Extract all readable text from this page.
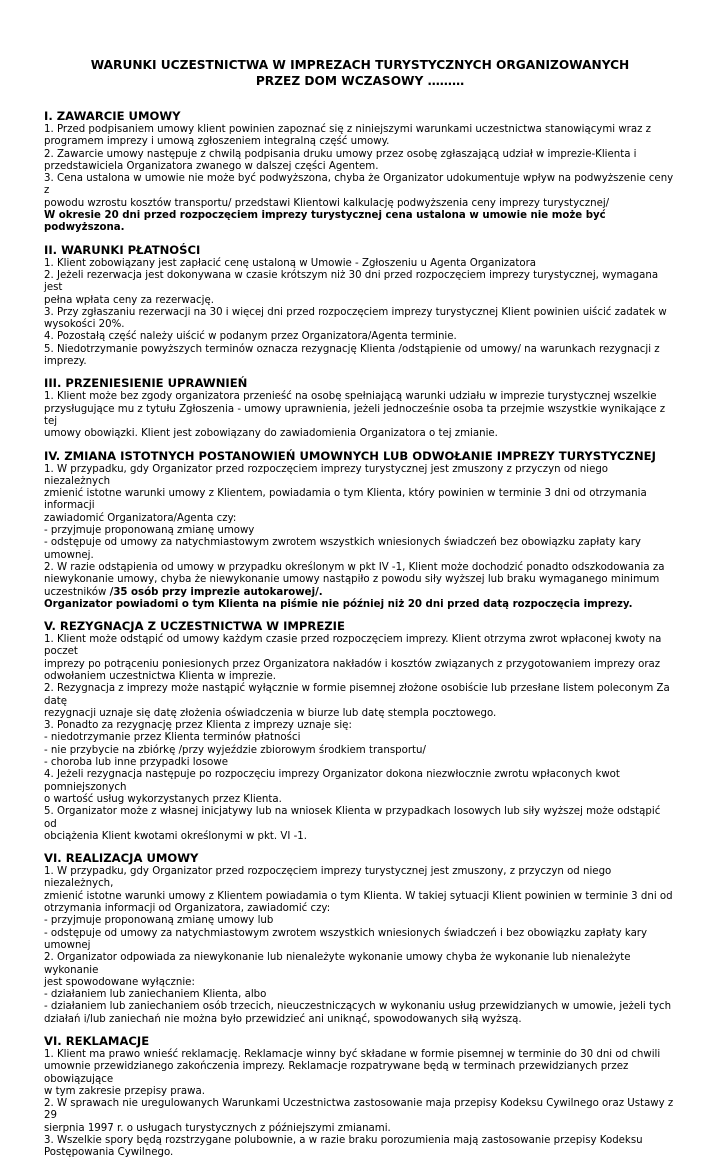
WARUNKI UCZESTNICTWA W IMPREZACH TURYSTYCZNYCH ORGANIZOWANYCH
PRZEZ DOM WCZASOWY ………
I. ZAWARCIE UMOWY

1. Przed podpisaniem umowy klient powinien zapoznać się z niniejszymi warunkami uczestnictwa stanowiącymi wraz z
programem imprezy i umową zgłoszeniem integralną część umowy.

2. Zawarcie umowy następuje z chwilą podpisania druku umowy przez osobę zgłaszającą udział w imprezie-Klienta i
przedstawiciela Organizatora zwanego w dalszej części Agentem.

3. Cena ustalona w umowie nie może być podwyższona, chyba że Organizator udokumentuje wpływ na podwyższenie ceny z
powodu wzrostu kosztów transportu/ przedstawi Klientowi kalkulację podwyższenia ceny imprezy turystycznej/

W okresie 20 dni przed rozpoczęciem imprezy turystycznej cena ustalona w umowie nie może być podwyższona.

II. WARUNKI PŁATNOŚCI

1. Klient zobowiązany jest zapłacić cenę ustaloną w Umowie - Zgłoszeniu u Agenta Organizatora

2. Jeżeli rezerwacja jest dokonywana w czasie krótszym niż 30 dni przed rozpoczęciem imprezy turystycznej, wymagana jest
pełna wpłata ceny za rezerwację.

3. Przy zgłaszaniu rezerwacji na 30 i więcej dni przed rozpoczęciem imprezy turystycznej Klient powinien uiścić zadatek w
wysokości 20%.

4. Pozostałą część należy uiścić w podanym przez Organizatora/Agenta terminie.

5. Niedotrzymanie powyższych terminów oznacza rezygnację Klienta /odstąpienie od umowy/ na warunkach rezygnacji z
imprezy.

III. PRZENIESIENIE UPRAWNIEŃ

1. Klient może bez zgody organizatora przenieść na osobę spełniającą warunki udziału w imprezie turystycznej wszelkie
przysługujące mu z tytułu Zgłoszenia - umowy uprawnienia, jeżeli jednocześnie osoba ta przejmie wszystkie wynikające z tej
umowy obowiązki. Klient jest zobowiązany do zawiadomienia Organizatora o tej zmianie.

IV. ZMIANA ISTOTNYCH POSTANOWIEŃ UMOWNYCH LUB ODWOŁANIE IMPREZY TURYSTYCZNEJ

1. W przypadku, gdy Organizator przed rozpoczęciem imprezy turystycznej jest zmuszony z przyczyn od niego niezależnych
zmienić istotne warunki umowy z Klientem, powiadamia o tym Klienta, który powinien w terminie 3 dni od otrzymania informacji
zawiadomić Organizatora/Agenta czy:
- przyjmuje proponowaną zmianę umowy
- odstępuje od umowy za natychmiastowym zwrotem wszystkich wniesionych świadczeń bez obowiązku zapłaty kary umownej.

2. W razie odstąpienia od umowy w przypadku określonym w pkt IV -1, Klient może dochodzić ponadto odszkodowania za
niewykonanie umowy, chyba że niewykonanie umowy nastąpiło z powodu siły wyższej lub braku wymaganego minimum
uczestników /35 osób przy imprezie autokarowej/.

Organizator powiadomi o tym Klienta na piśmie nie później niż 20 dni przed datą rozpoczęcia imprezy.

V. REZYGNACJA Z UCZESTNICTWA W IMPREZIE

1. Klient może odstąpić od umowy każdym czasie przed rozpoczęciem imprezy. Klient otrzyma zwrot wpłaconej kwoty na poczet
imprezy po potrąceniu poniesionych przez Organizatora nakładów i kosztów związanych z przygotowaniem imprezy oraz
odwołaniem uczestnictwa Klienta w imprezie.

2. Rezygnacja z imprezy może nastąpić wyłącznie w formie pisemnej złożone osobiście lub przesłane listem poleconym Za datę
rezygnacji uznaje się datę złożenia oświadczenia w biurze lub datę stempla pocztowego.

3. Ponadto za rezygnację przez Klienta z imprezy uznaje się:
- niedotrzymanie przez Klienta terminów płatności
- nie przybycie na zbiórkę /przy wyjeździe zbiorowym środkiem transportu/
- choroba lub inne przypadki losowe

4. Jeżeli rezygnacja następuje po rozpoczęciu imprezy Organizator dokona niezwłocznie zwrotu wpłaconych kwot pomniejszonych
o wartość usług wykorzystanych przez Klienta.

5. Organizator może z własnej inicjatywy lub na wniosek Klienta w przypadkach losowych lub siły wyższej może odstąpić od
obciążenia Klient kwotami określonymi w pkt. VI -1.

VI. REALIZACJA UMOWY

1. W przypadku, gdy Organizator przed rozpoczęciem imprezy turystycznej jest zmuszony, z przyczyn od niego niezależnych,
zmienić istotne warunki umowy z Klientem powiadamia o tym Klienta. W takiej sytuacji Klient powinien w terminie 3 dni od
otrzymania informacji od Organizatora, zawiadomić czy:
- przyjmuje proponowaną zmianę umowy lub
- odstępuje od umowy za natychmiastowym zwrotem wszystkich wniesionych świadczeń i bez obowiązku zapłaty kary umownej

2. Organizator odpowiada za niewykonanie lub nienależyte wykonanie umowy chyba że wykonanie lub nienależyte wykonanie
jest spowodowane wyłącznie:
- działaniem lub zaniechaniem Klienta, albo
- działaniem lub zaniechaniem osób trzecich, nieuczestniczących w wykonaniu usług przewidzianych w umowie, jeżeli tych
działań i/lub zaniechań nie można było przewidzieć ani uniknąć, spowodowanych siłą wyższą.

VI. REKLAMACJE

1. Klient ma prawo wnieść reklamację. Reklamacje winny być składane w formie pisemnej w terminie do 30 dni od chwili
umownie przewidzianego zakończenia imprezy. Reklamacje rozpatrywane będą w terminach przewidzianych przez obowiązujące
w tym zakresie przepisy prawa.

2. W sprawach nie uregulowanych Warunkami Uczestnictwa zastosowanie maja przepisy Kodeksu Cywilnego oraz Ustawy z 29
sierpnia 1997 r. o usługach turystycznych z późniejszymi zmianami.

3. Wszelkie spory będą rozstrzygane polubownie, a w razie braku porozumienia mają zastosowanie przepisy Kodeksu
Postępowania Cywilnego.
